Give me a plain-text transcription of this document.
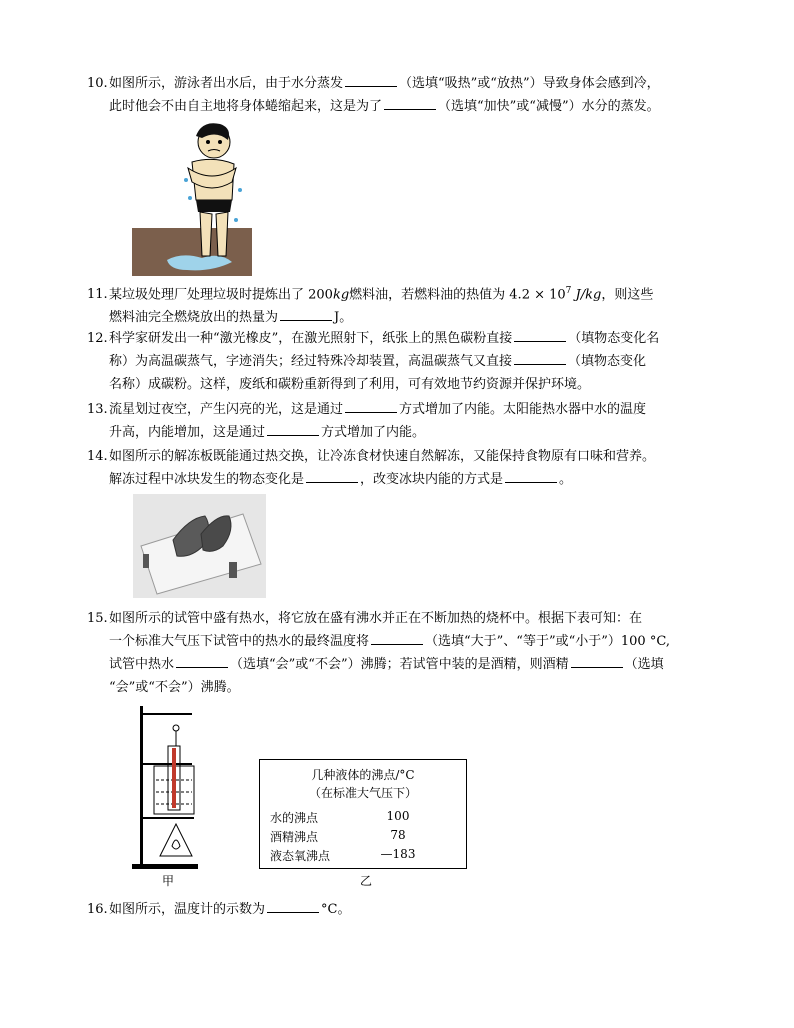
10.如图所示，游泳者出水后，由于水分蒸发	（选填“吸热”或“放热”）导致身体会感到冷，
此时他会不由自主地将身体蜷缩起来，这是为了	（选填“加快”或“减慢”）水分的蒸发。
11.某垃圾处理厂处理垃圾时提炼出了 200kg燃料油，若燃料油的热值为 $4.2 \times 10^7$ J/kg，则这些
燃料油完全燃烧放出的热量为	J。
12.科学家研发出一种“激光橡皮”，在激光照射下，纸张上的黑色碳粉直接	（填物态变化名
称）为高温碳蒸气，字迹消失；经过特殊冷却装置，高温碳蒸气又直接	（填物态变化
名称）成碳粉。这样，废纸和碳粉重新得到了利用，可有效地节约资源并保护环境。
13.流星划过夜空，产生闪亮的光，这是通过	方式增加了内能。太阳能热水器中水的温度
升高，内能增加，这是通过	方式增加了内能。
14.如图所示的解冻板既能通过热交换，让冷冻食材快速自然解冻，又能保持食物原有口味和营养。
解冻过程中冰块发生的物态变化是	，改变冰块内能的方式是	。
15.如图所示的试管中盛有热水，将它放在盛有沸水并正在不断加热的烧杯中。根据下表可知：在
一个标准大气压下试管中的热水的最终温度将	（选填“大于”、“等于”或“小于”）100 °C,
试管中热水	（选填“会”或“不会”）沸腾；若试管中装的是酒精，则酒精	（选填
“会”或“不会”）沸腾。
甲
几种液体的沸点/°C
（在标准大气压下）
水的沸点	100
酒精沸点	78
液态氧沸点	—183
乙
16.如图所示，温度计的示数为	°C。
